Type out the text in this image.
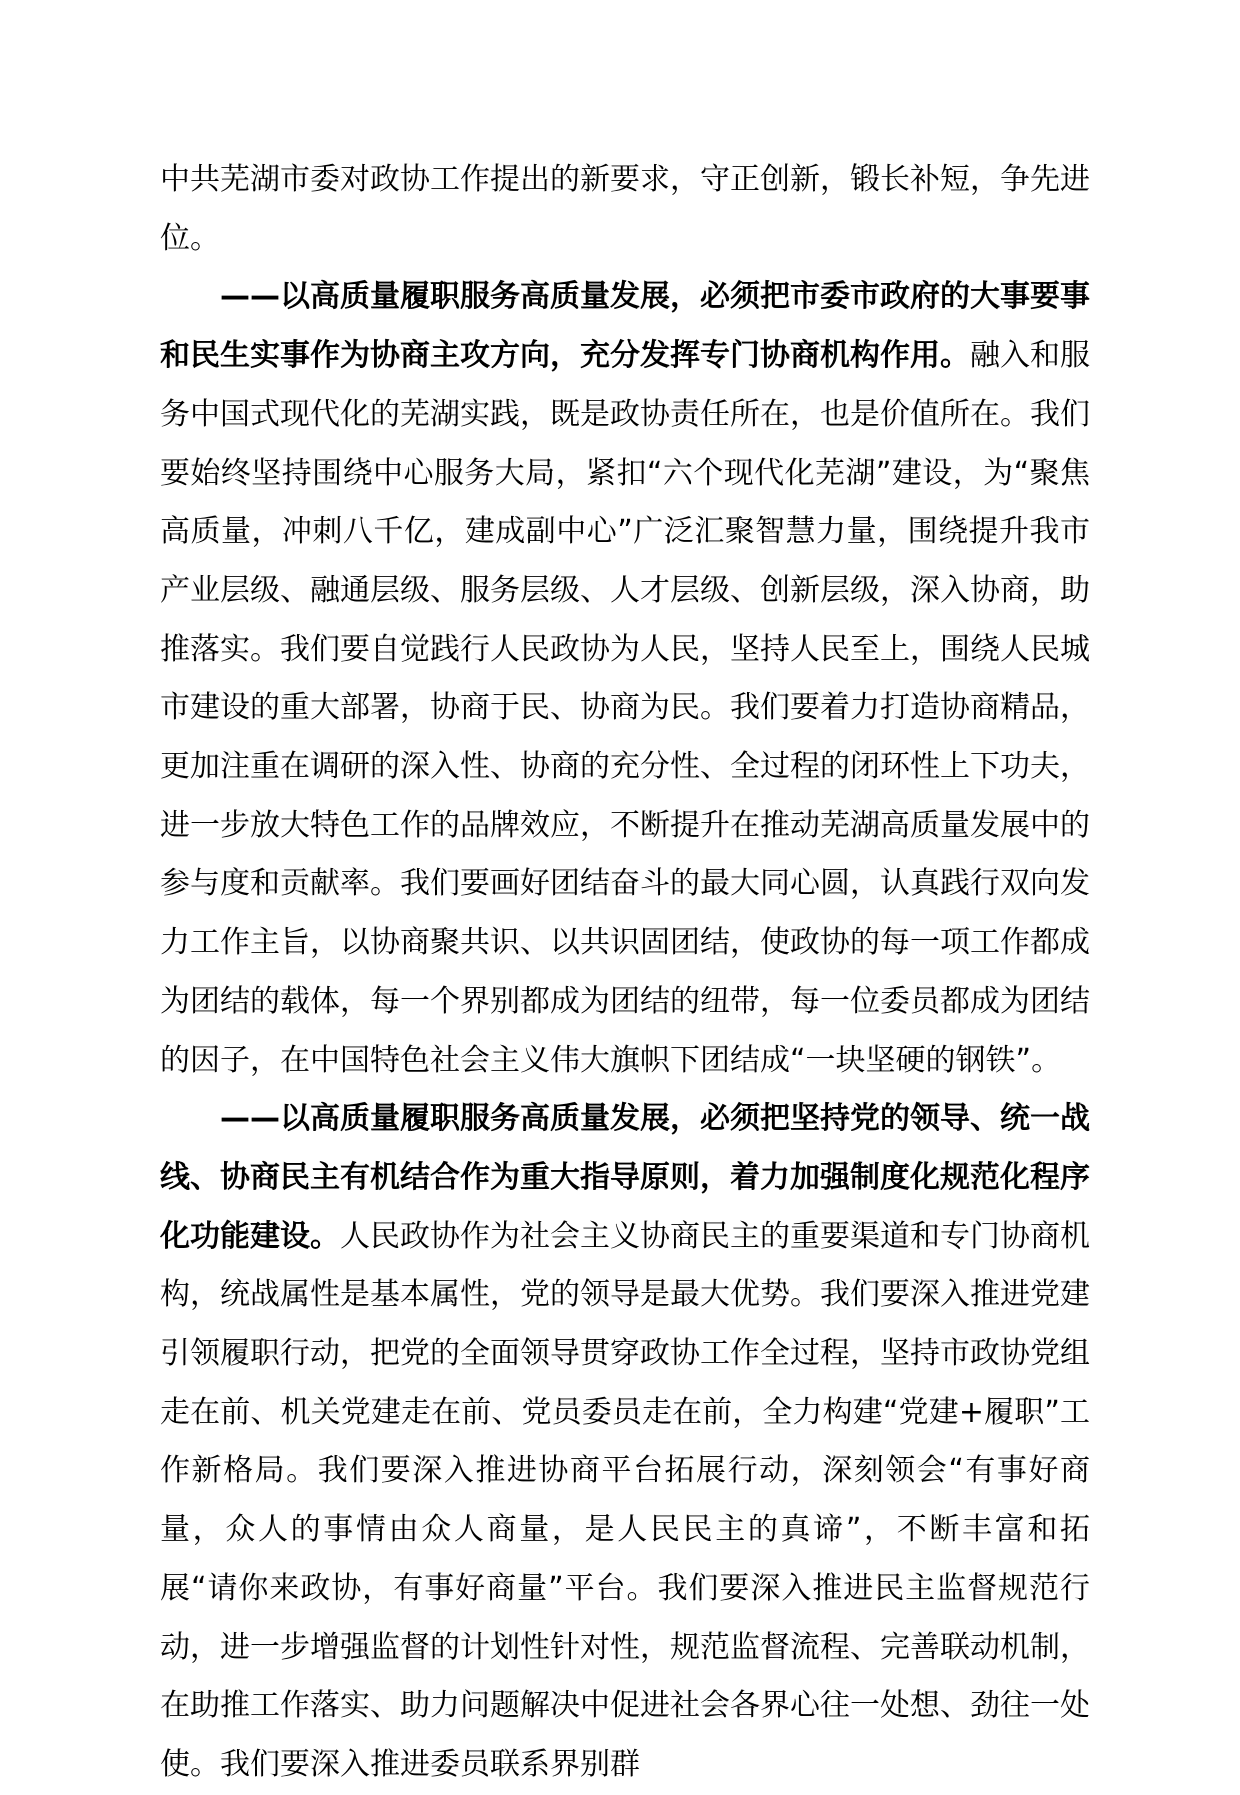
中共芜湖市委对政协工作提出的新要求，守正创新，锻长补短，争先进位。

——以高质量履职服务高质量发展，必须把市委市政府的大事要事和民生实事作为协商主攻方向，充分发挥专门协商机构作用。融入和服务中国式现代化的芜湖实践，既是政协责任所在，也是价值所在。我们要始终坚持围绕中心服务大局，紧扣“六个现代化芜湖”建设，为“聚焦高质量，冲刺八千亿，建成副中心”广泛汇聚智慧力量，围绕提升我市产业层级、融通层级、服务层级、人才层级、创新层级，深入协商，助推落实。我们要自觉践行人民政协为人民，坚持人民至上，围绕人民城市建设的重大部署，协商于民、协商为民。我们要着力打造协商精品，更加注重在调研的深入性、协商的充分性、全过程的闭环性上下功夫，进一步放大特色工作的品牌效应，不断提升在推动芜湖高质量发展中的参与度和贡献率。我们要画好团结奋斗的最大同心圆，认真践行双向发力工作主旨，以协商聚共识、以共识固团结，使政协的每一项工作都成为团结的载体，每一个界别都成为团结的纽带，每一位委员都成为团结的因子，在中国特色社会主义伟大旗帜下团结成“一块坚硬的钢铁”。

——以高质量履职服务高质量发展，必须把坚持党的领导、统一战线、协商民主有机结合作为重大指导原则，着力加强制度化规范化程序化功能建设。人民政协作为社会主义协商民主的重要渠道和专门协商机构，统战属性是基本属性，党的领导是最大优势。我们要深入推进党建引领履职行动，把党的全面领导贯穿政协工作全过程，坚持市政协党组走在前、机关党建走在前、党员委员走在前，全力构建“党建+履职”工作新格局。我们要深入推进协商平台拓展行动，深刻领会“有事好商量，众人的事情由众人商量，是人民民主的真谛”，不断丰富和拓展“请你来政协，有事好商量”平台。我们要深入推进民主监督规范行动，进一步增强监督的计划性针对性，规范监督流程、完善联动机制，在助推工作落实、助力问题解决中促进社会各界心往一处想、劲往一处使。我们要深入推进委员联系界别群
